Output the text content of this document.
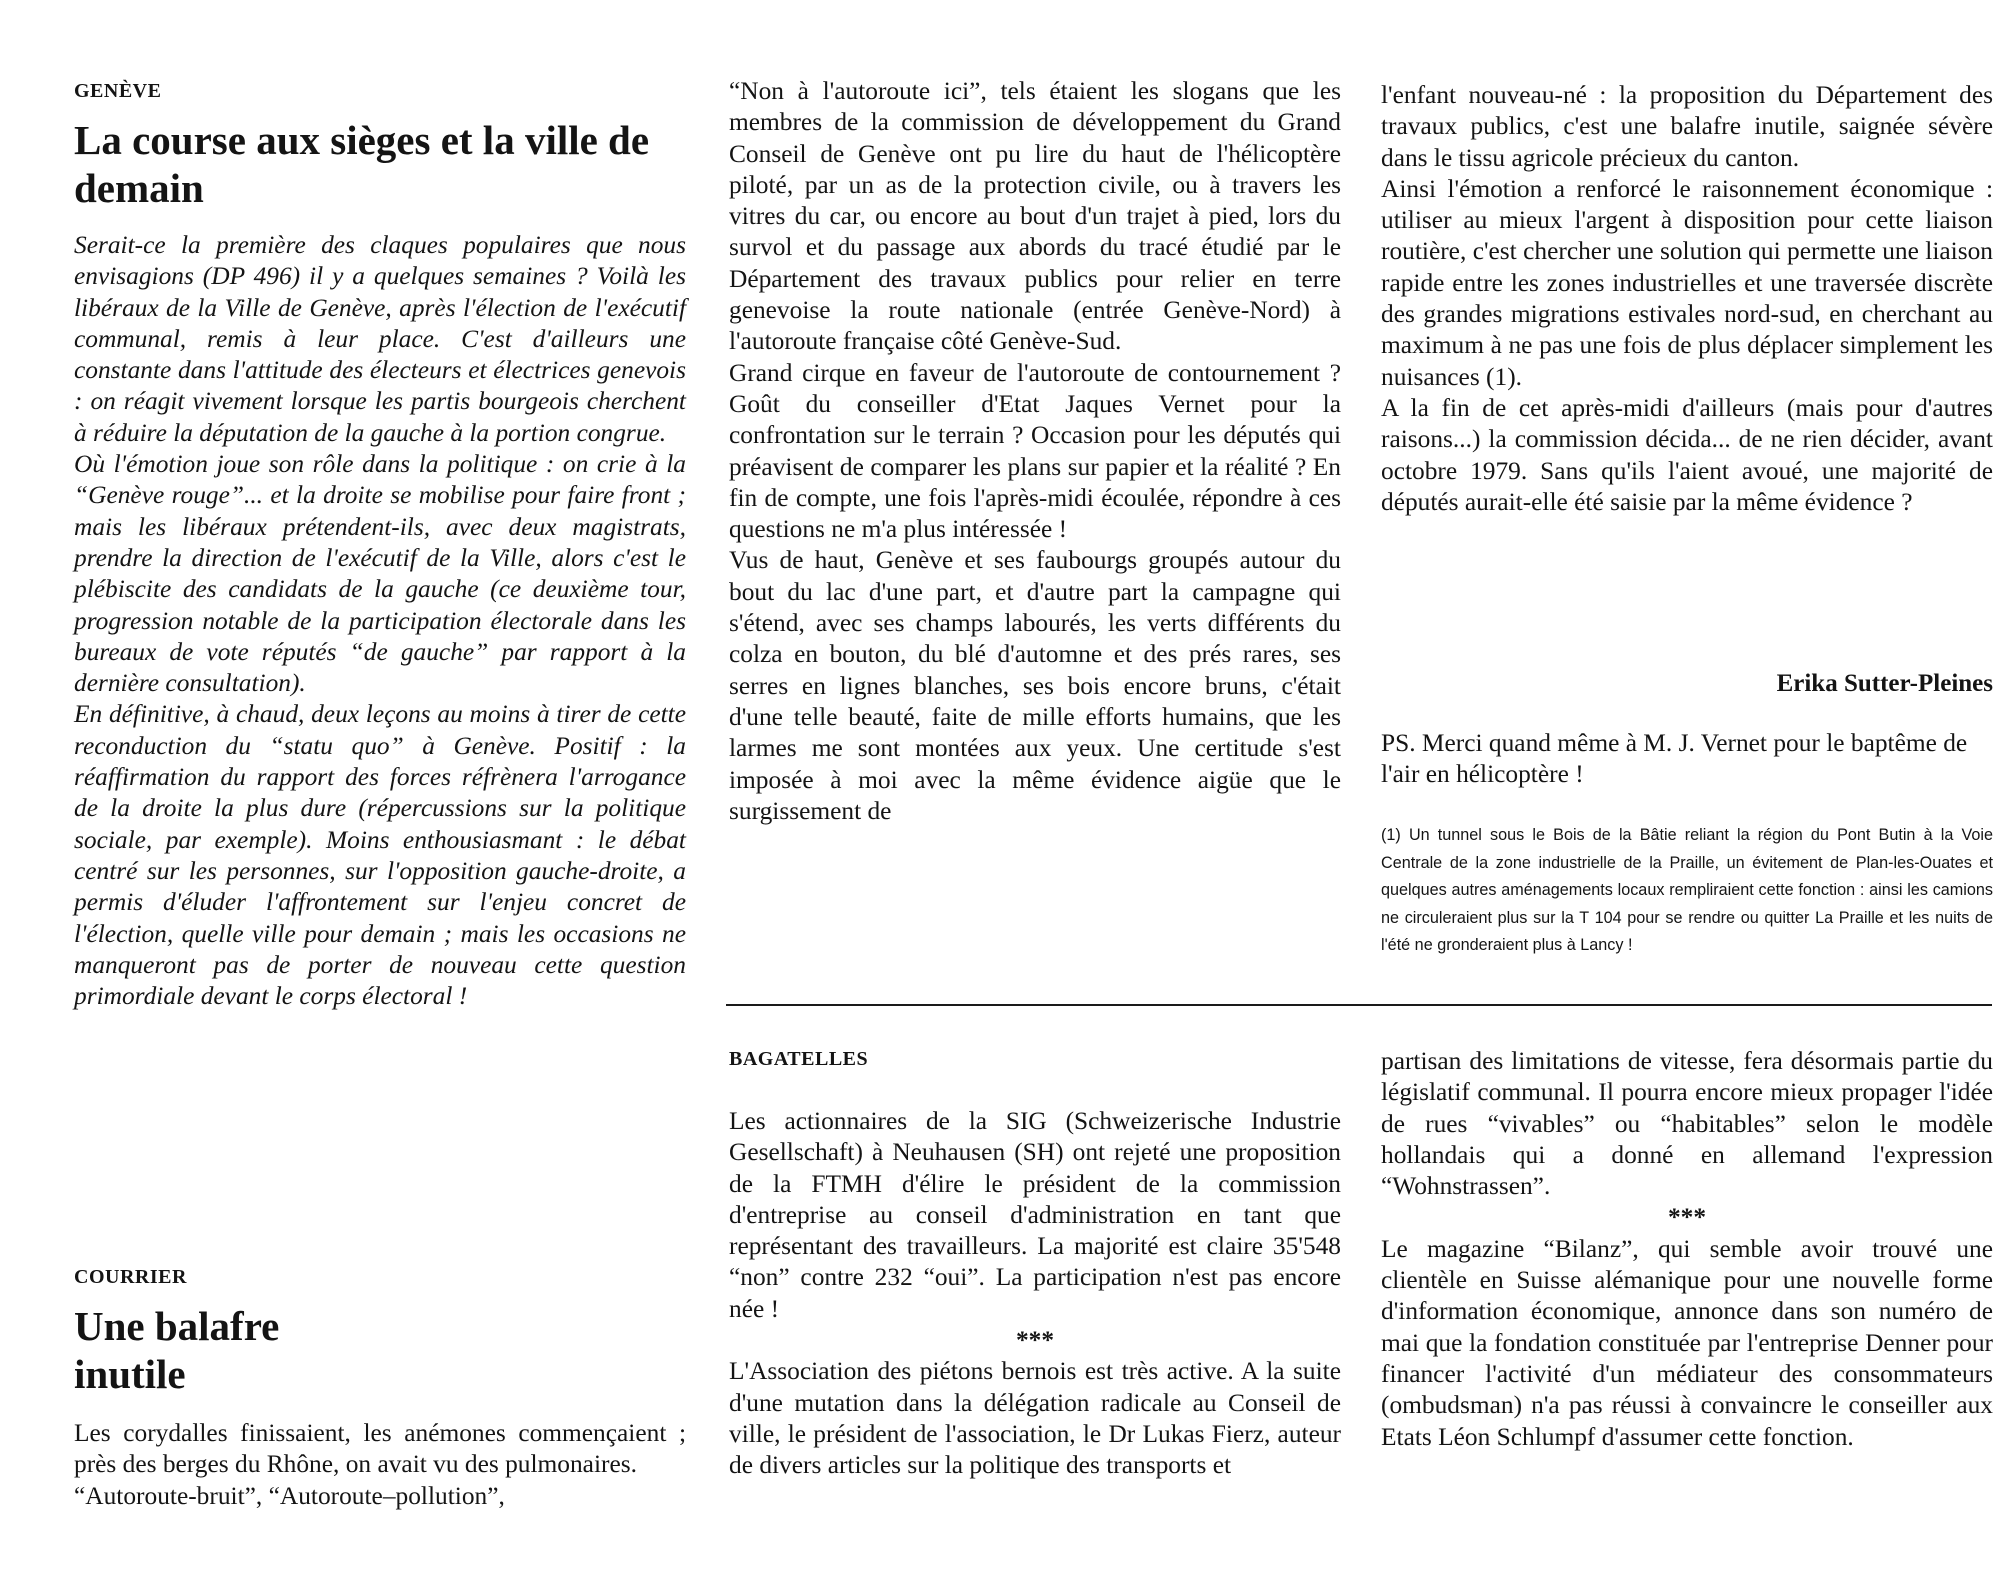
GENÈVE
La course aux sièges et la ville de demain

Serait-ce la première des claques populaires que nous envisagions (DP 496) il y a quelques semaines ? Voilà les libéraux de la Ville de Genève, après l'élection de l'exécutif communal, remis à leur place. C'est d'ailleurs une constante dans l'attitude des électeurs et électrices genevois : on réagit vivement lorsque les partis bourgeois cherchent à réduire la députation de la gauche à la portion congrue.

Où l'émotion joue son rôle dans la politique : on crie à la “Genève rouge”... et la droite se mobilise pour faire front ; mais les libéraux prétendent-ils, avec deux magistrats, prendre la direction de l'exécutif de la Ville, alors c'est le plébiscite des candidats de la gauche (ce deuxième tour, progression notable de la participation électorale dans les bureaux de vote réputés “de gauche” par rapport à la dernière consultation).

En définitive, à chaud, deux leçons au moins à tirer de cette reconduction du “statu quo” à Genève. Positif : la réaffirmation du rapport des forces réfrènera l'arrogance de la droite la plus dure (répercussions sur la politique sociale, par exemple). Moins enthousiasmant : le débat centré sur les personnes, sur l'opposition gauche-droite, a permis d'éluder l'affrontement sur l'enjeu concret de l'élection, quelle ville pour demain ; mais les occasions ne manqueront pas de porter de nouveau cette question primordiale devant le corps électoral !

COURRIER
Une balafre inutile

Les corydalles finissaient, les anémones commençaient ; près des berges du Rhône, on avait vu des pulmonaires.

“Autoroute-bruit”, “Autoroute–pollution”,

“Non à l'autoroute ici”, tels étaient les slogans que les membres de la commission de développement du Grand Conseil de Genève ont pu lire du haut de l'hélicoptère piloté, par un as de la protection civile, ou à travers les vitres du car, ou encore au bout d'un trajet à pied, lors du survol et du passage aux abords du tracé étudié par le Département des travaux publics pour relier en terre genevoise la route nationale (entrée Genève-Nord) à l'autoroute française côté Genève-Sud.

Grand cirque en faveur de l'autoroute de contournement ? Goût du conseiller d'Etat Jaques Vernet pour la confrontation sur le terrain ? Occasion pour les députés qui préavisent de comparer les plans sur papier et la réalité ? En fin de compte, une fois l'après-midi écoulée, répondre à ces questions ne m'a plus intéressée !

Vus de haut, Genève et ses faubourgs groupés autour du bout du lac d'une part, et d'autre part la campagne qui s'étend, avec ses champs labourés, les verts différents du colza en bouton, du blé d'automne et des prés rares, ses serres en lignes blanches, ses bois encore bruns, c'était d'une telle beauté, faite de mille efforts humains, que les larmes me sont montées aux yeux. Une certitude s'est imposée à moi avec la même évidence aigüe que le surgissement de

BAGATELLES

Les actionnaires de la SIG (Schweizerische Industrie Gesellschaft) à Neuhausen (SH) ont rejeté une proposition de la FTMH d'élire le président de la commission d'entreprise au conseil d'administration en tant que représentant des travailleurs. La majorité est claire 35'548 “non” contre 232 “oui”. La participation n'est pas encore née !

***

L'Association des piétons bernois est très active. A la suite d'une mutation dans la délégation radicale au Conseil de ville, le président de l'association, le Dr Lukas Fierz, auteur de divers articles sur la politique des transports et

l'enfant nouveau-né : la proposition du Département des travaux publics, c'est une balafre inutile, saignée sévère dans le tissu agricole précieux du canton.

Ainsi l'émotion a renforcé le raisonnement économique : utiliser au mieux l'argent à disposition pour cette liaison routière, c'est chercher une solution qui permette une liaison rapide entre les zones industrielles et une traversée discrète des grandes migrations estivales nord-sud, en cherchant au maximum à ne pas une fois de plus déplacer simplement les nuisances (1).

A la fin de cet après-midi d'ailleurs (mais pour d'autres raisons...) la commission décida... de ne rien décider, avant octobre 1979. Sans qu'ils l'aient avoué, une majorité de députés aurait-elle été saisie par la même évidence ?

Erika Sutter-Pleines
PS. Merci quand même à M. J. Vernet pour le baptême de l'air en hélicoptère !
(1) Un tunnel sous le Bois de la Bâtie reliant la région du Pont Butin à la Voie Centrale de la zone industrielle de la Praille, un évitement de Plan-les-Ouates et quelques autres aménagements locaux rempliraient cette fonction : ainsi les camions ne circuleraient plus sur la T 104 pour se rendre ou quitter La Praille et les nuits de l'été ne gronderaient plus à Lancy !

partisan des limitations de vitesse, fera désormais partie du législatif communal. Il pourra encore mieux propager l'idée de rues “vivables” ou “habitables” selon le modèle hollandais qui a donné en allemand l'expression “Wohnstrassen”.

***

Le magazine “Bilanz”, qui semble avoir trouvé une clientèle en Suisse alémanique pour une nouvelle forme d'information économique, annonce dans son numéro de mai que la fondation constituée par l'entreprise Denner pour financer l'activité d'un médiateur des consommateurs (ombudsman) n'a pas réussi à convaincre le conseiller aux Etats Léon Schlumpf d'assumer cette fonction.
